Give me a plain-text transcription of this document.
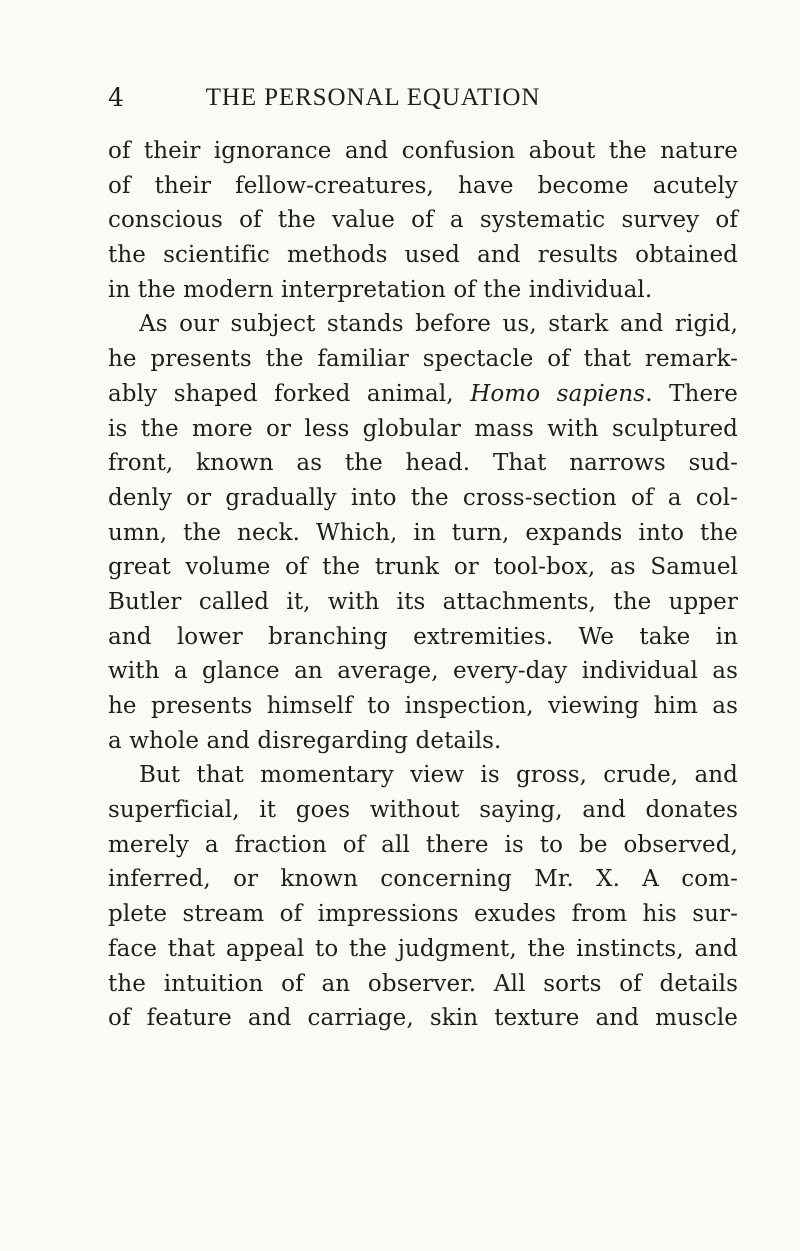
4	THE PERSONAL EQUATION
of their ignorance and confusion about the nature
of their fellow-creatures, have become acutely
conscious of the value of a systematic survey of
the scientific methods used and results obtained
in the modern interpretation of the individual.
As our subject stands before us, stark and rigid,
he presents the familiar spectacle of that remark-
ably shaped forked animal, Homo sapiens. There
is the more or less globular mass with sculptured
front, known as the head. That narrows sud-
denly or gradually into the cross-section of a col-
umn, the neck. Which, in turn, expands into the
great volume of the trunk or tool-box, as Samuel
Butler called it, with its attachments, the upper
and lower branching extremities. We take in
with a glance an average, every-day individual as
he presents himself to inspection, viewing him as
a whole and disregarding details.
But that momentary view is gross, crude, and
superficial, it goes without saying, and donates
merely a fraction of all there is to be observed,
inferred, or known concerning Mr. X. A com-
plete stream of impressions exudes from his sur-
face that appeal to the judgment, the instincts, and
the intuition of an observer. All sorts of details
of feature and carriage, skin texture and muscle
